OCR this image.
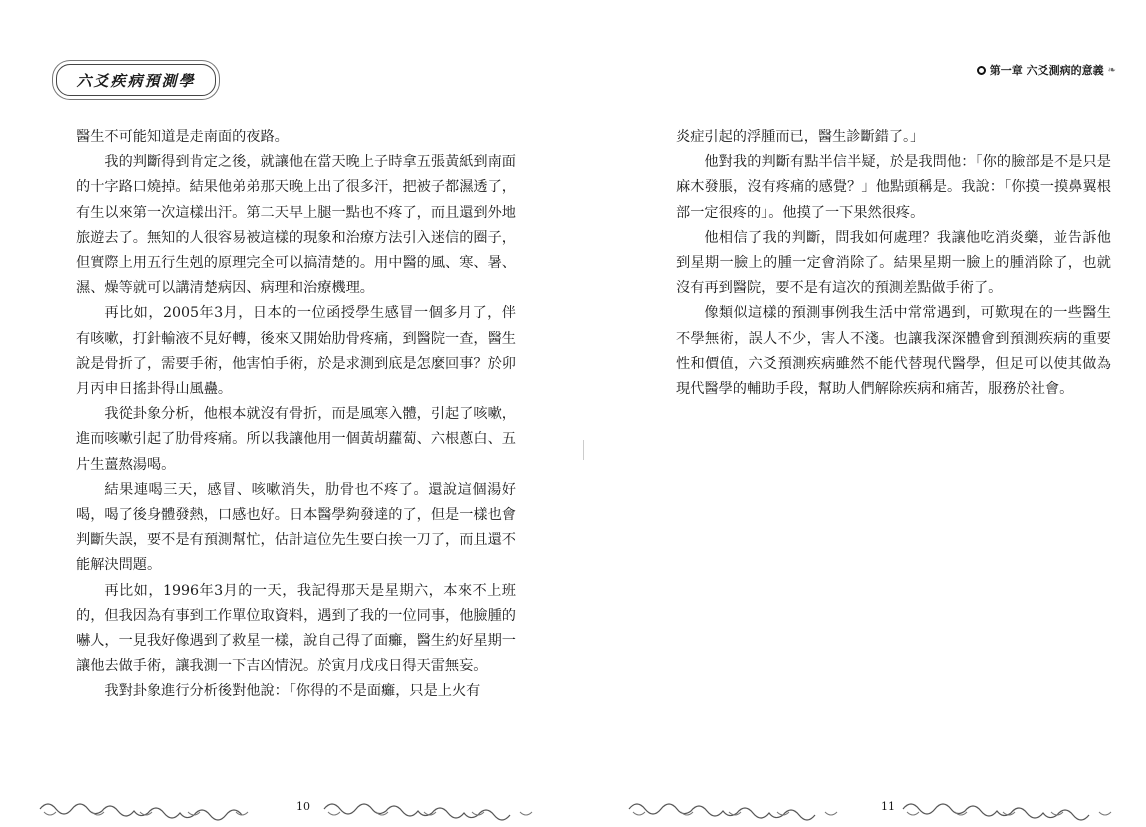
六爻疾病預測學

醫生不可能知道是走南面的夜路。

我的判斷得到肯定之後，就讓他在當天晚上子時拿五張黃紙到南面的十字路口燒掉。結果他弟弟那天晚上出了很多汗，把被子都濕透了，有生以來第一次這樣出汗。第二天早上腿一點也不疼了，而且還到外地旅遊去了。無知的人很容易被這樣的現象和治療方法引入迷信的圈子，但實際上用五行生剋的原理完全可以搞清楚的。用中醫的風、寒、暑、濕、燥等就可以講清楚病因、病理和治療機理。

再比如，2005年3月，日本的一位函授學生感冒一個多月了，伴有咳嗽，打針輸液不見好轉，後來又開始肋骨疼痛，到醫院一查，醫生說是骨折了，需要手術，他害怕手術，於是求測到底是怎麼回事？於卯月丙申日搖卦得山風蠱。

我從卦象分析，他根本就沒有骨折，而是風寒入體，引起了咳嗽，進而咳嗽引起了肋骨疼痛。所以我讓他用一個黃胡蘿蔔、六根蔥白、五片生薑熬湯喝。

結果連喝三天，感冒、咳嗽消失，肋骨也不疼了。還說這個湯好喝，喝了後身體發熱，口感也好。日本醫學夠發達的了，但是一樣也會判斷失誤，要不是有預測幫忙，估計這位先生要白挨一刀了，而且還不能解決問題。

再比如，1996年3月的一天，我記得那天是星期六，本來不上班的，但我因為有事到工作單位取資料，遇到了我的一位同事，他臉腫的嚇人，一見我好像遇到了救星一樣，說自己得了面癱，醫生約好星期一讓他去做手術，讓我測一下吉凶情況。於寅月戊戌日得天雷無妄。

我對卦象進行分析後對他說：「你得的不是面癱，只是上火有

10
第一章 六爻測病的意義 ❧

炎症引起的浮腫而已，醫生診斷錯了。」

他對我的判斷有點半信半疑，於是我問他：「你的臉部是不是只是麻木發脹，沒有疼痛的感覺？」他點頭稱是。我說：「你摸一摸鼻翼根部一定很疼的」。他摸了一下果然很疼。

他相信了我的判斷，問我如何處理？我讓他吃消炎藥，並告訴他到星期一臉上的腫一定會消除了。結果星期一臉上的腫消除了，也就沒有再到醫院，要不是有這次的預測差點做手術了。

像類似這樣的預測事例我生活中常常遇到，可歎現在的一些醫生不學無術，誤人不少，害人不淺。也讓我深深體會到預測疾病的重要性和價值，六爻預測疾病雖然不能代替現代醫學，但足可以使其做為現代醫學的輔助手段，幫助人們解除疾病和痛苦，服務於社會。

11
